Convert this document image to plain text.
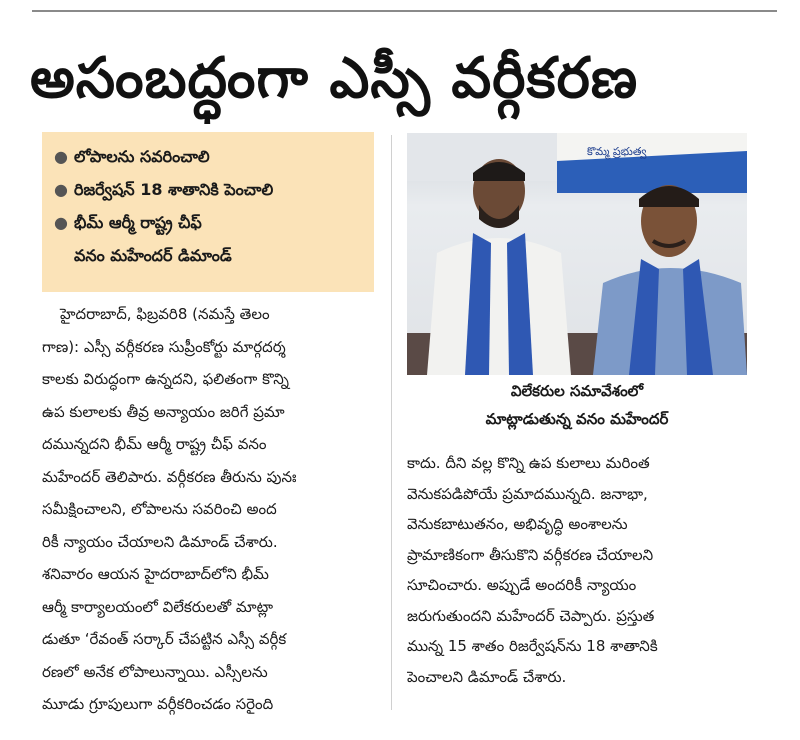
అసంబద్ధంగా ఎస్సీ వర్గీకరణ
● లోపాలను సవరించాలి
● రిజర్వేషన్ 18 శాతానికి పెంచాలి
● భీమ్ ఆర్మీ రాష్ట్ర చీఫ్
వనం మహేందర్ డిమాండ్
హైదరాబాద్, ఫిబ్రవరి8 (నమస్తే తెలం
గాణ): ఎస్సీ వర్గీకరణ సుప్రీంకోర్టు మార్గదర్శ
కాలకు విరుద్ధంగా ఉన్నదని, ఫలితంగా కొన్ని
ఉప కులాలకు తీవ్ర అన్యాయం జరిగే ప్రమా
దమున్నదని భీమ్ ఆర్మీ రాష్ట్ర చీఫ్ వనం
మహేందర్ తెలిపారు. వర్గీకరణ తీరును పునః
సమీక్షించాలని, లోపాలను సవరించి అంద
రికీ న్యాయం చేయాలని డిమాండ్ చేశారు.
శనివారం ఆయన హైదరాబాద్‌లోని భీమ్
ఆర్మీ కార్యాలయంలో విలేకరులతో మాట్లా
డుతూ ‘రేవంత్ సర్కార్ చేపట్టిన ఎస్సీ వర్గీక
రణలో అనేక లోపాలున్నాయి. ఎస్సీలను
మూడు గ్రూపులుగా వర్గీకరించడం సరైంది
కొమ్మ ప్రభుత్వ
విలేకరుల సమావేశంలో
మాట్లాడుతున్న వనం మహేందర్
కాదు. దీని వల్ల కొన్ని ఉప కులాలు మరింత
వెనుకపడిపోయే ప్రమాదమున్నది. జనాభా,
వెనుకబాటుతనం, అభివృద్ధి అంశాలను
ప్రామాణికంగా తీసుకొని వర్గీకరణ చేయాలని
సూచించారు. అప్పుడే అందరికీ న్యాయం
జరుగుతుందని మహేందర్ చెప్పారు. ప్రస్తుత
మున్న 15 శాతం రిజర్వేషన్‌ను 18 శాతానికి
పెంచాలని డిమాండ్ చేశారు.
